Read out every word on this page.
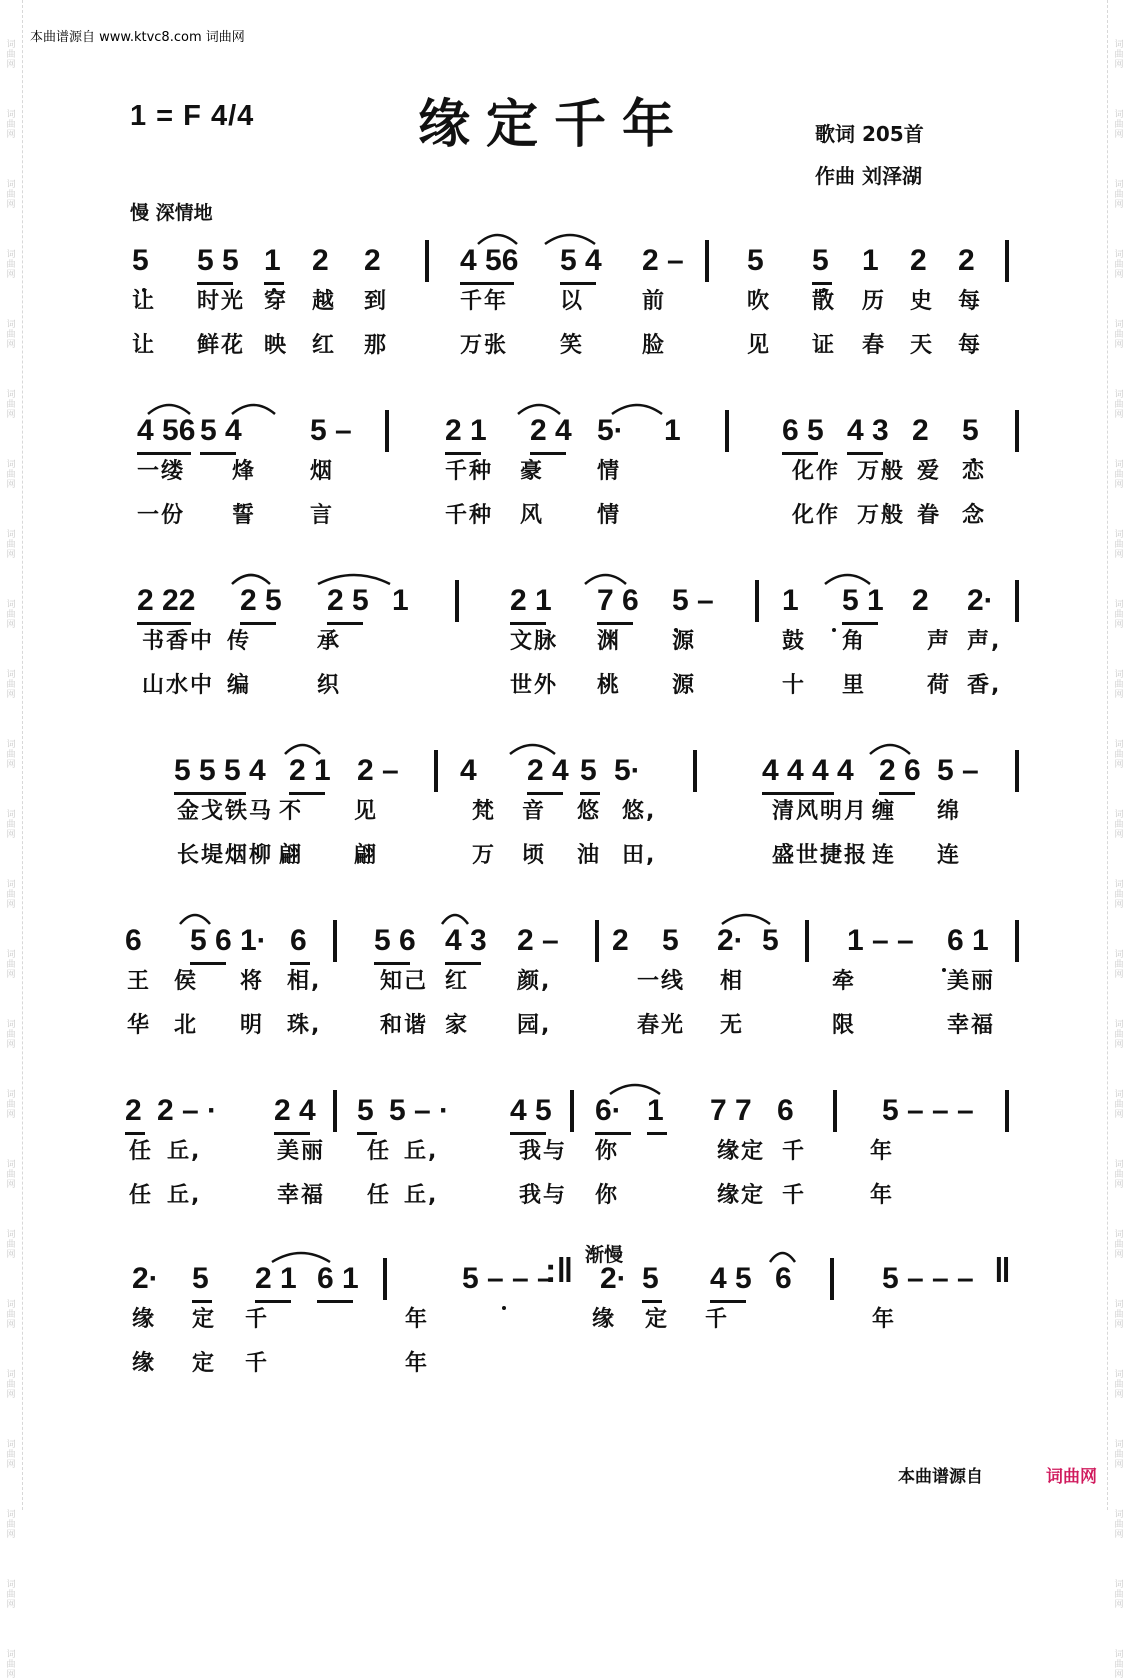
词曲网
词曲网
词曲网
词曲网
词曲网
词曲网
词曲网
词曲网
词曲网
词曲网
词曲网
词曲网
词曲网
词曲网
词曲网
词曲网
词曲网
词曲网
词曲网
词曲网
词曲网
词曲网
词曲网
词曲网
词曲网
词曲网
词曲网
词曲网
词曲网
词曲网
词曲网
词曲网
词曲网
词曲网
词曲网
词曲网
词曲网
词曲网
词曲网
词曲网
词曲网
词曲网
词曲网
词曲网
词曲网
词曲网
词曲网
词曲网
本曲谱源自 www.ktvc8.com 词曲网
1 = F 4/4	缘定千年	歌词 205首
作曲 刘泽湖
慢 深情地
渐慢
5 5 5 1 2 2	4 56 5 4 2 – 5 5 1 2 2
让 时光 穿 越 到	千年 以	前	吹 散 历 史 每
让 鲜花 映 红 那	万张 笑	脸	见 证 春 天 每
4 56 5 4 5 –	2 1 2 4 5· 1	6 5 4 3 2 5
一缕 烽 烟	千种 豪 情	化作 万般 爱 恋
一份 誓 言	千种 风 情	化作 万般 眷 念
2 22 2 5 2 5 1	2 1 7 6 5 – 1 5 1 2 2·
书香中 传	承	文脉 渊 源	鼓 角	声 声,
山水中 编	织	世外 桃 源	十 里	荷 香,
5 5 5 4 2 1 2 – 4 2 4 5 5·	4 4 4 4 2 6 5 –
金戈铁马 不 见	梵 音 悠 悠,	清风明月 缠 绵
长堤烟柳 翩 翩	万 顷 油 田,	盛世捷报 连 连
6 5 6 1· 6 5 6 4 3 2 – 2 5 2· 5 1 – – 6 1
王 侯 将 相,	知己 红 颜,	一线 相	牵	美丽
华 北 明 珠,	和谐 家 园,	春光 无	限	幸福
2 2 – · 2 4 5 5 – · 4 5 6· 1 7 7 6	5 – – –
任 丘,	美丽 任 丘,	我与 你	缘定 千	年
任 丘,	幸福 任 丘,	我与 你	缘定 千	年
2· 5 2 1 6 1	5 – – –
:‖ 2· 5 4 5 6	5 – – – ‖
缘 定 千	年	缘 定 千	年
缘 定 千	年
本曲谱源自	词曲网
